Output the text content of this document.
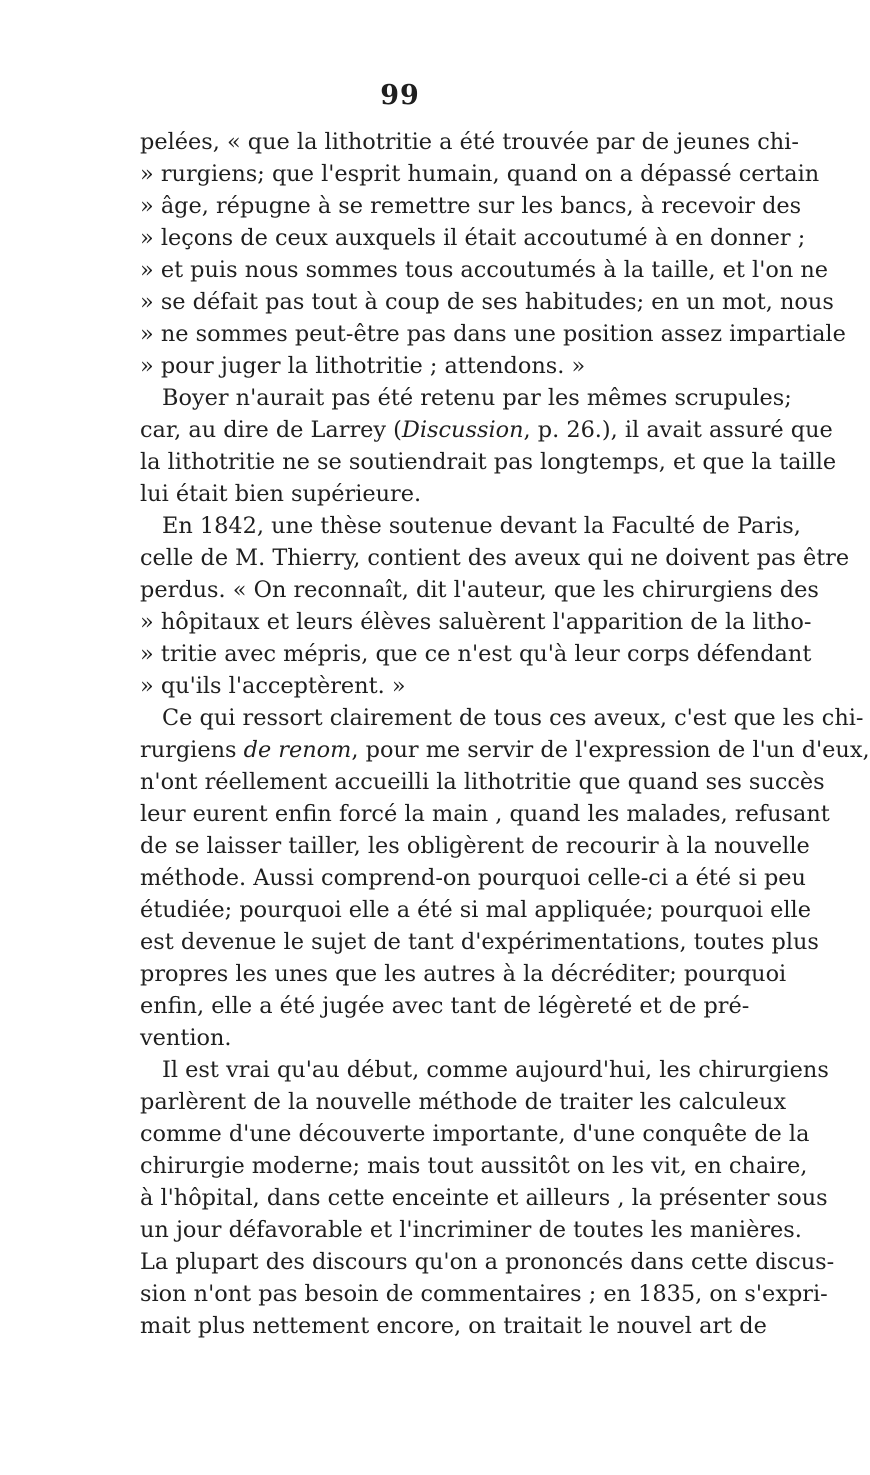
99
pelées, « que la lithotritie a été trouvée par de jeunes chi-
» rurgiens; que l'esprit humain, quand on a dépassé certain
» âge, répugne à se remettre sur les bancs, à recevoir des
» leçons de ceux auxquels il était accoutumé à en donner ;
» et puis nous sommes tous accoutumés à la taille, et l'on ne
» se défait pas tout à coup de ses habitudes; en un mot, nous
» ne sommes peut-être pas dans une position assez impartiale
» pour juger la lithotritie ; attendons. »
Boyer n'aurait pas été retenu par les mêmes scrupules;
car, au dire de Larrey (Discussion, p. 26.), il avait assuré que
la lithotritie ne se soutiendrait pas longtemps, et que la taille
lui était bien supérieure.
En 1842, une thèse soutenue devant la Faculté de Paris,
celle de M. Thierry, contient des aveux qui ne doivent pas être
perdus. « On reconnaît, dit l'auteur, que les chirurgiens des
» hôpitaux et leurs élèves saluèrent l'apparition de la litho-
» tritie avec mépris, que ce n'est qu'à leur corps défendant
» qu'ils l'acceptèrent. »
Ce qui ressort clairement de tous ces aveux, c'est que les chi-
rurgiens de renom, pour me servir de l'expression de l'un d'eux,
n'ont réellement accueilli la lithotritie que quand ses succès
leur eurent enfin forcé la main , quand les malades, refusant
de se laisser tailler, les obligèrent de recourir à la nouvelle
méthode. Aussi comprend-on pourquoi celle-ci a été si peu
étudiée; pourquoi elle a été si mal appliquée; pourquoi elle
est devenue le sujet de tant d'expérimentations, toutes plus
propres les unes que les autres à la décréditer; pourquoi
enfin, elle a été jugée avec tant de légèreté et de pré-
vention.
Il est vrai qu'au début, comme aujourd'hui, les chirurgiens
parlèrent de la nouvelle méthode de traiter les calculeux
comme d'une découverte importante, d'une conquête de la
chirurgie moderne; mais tout aussitôt on les vit, en chaire,
à l'hôpital, dans cette enceinte et ailleurs , la présenter sous
un jour défavorable et l'incriminer de toutes les manières.
La plupart des discours qu'on a prononcés dans cette discus-
sion n'ont pas besoin de commentaires ; en 1835, on s'expri-
mait plus nettement encore, on traitait le nouvel art de
